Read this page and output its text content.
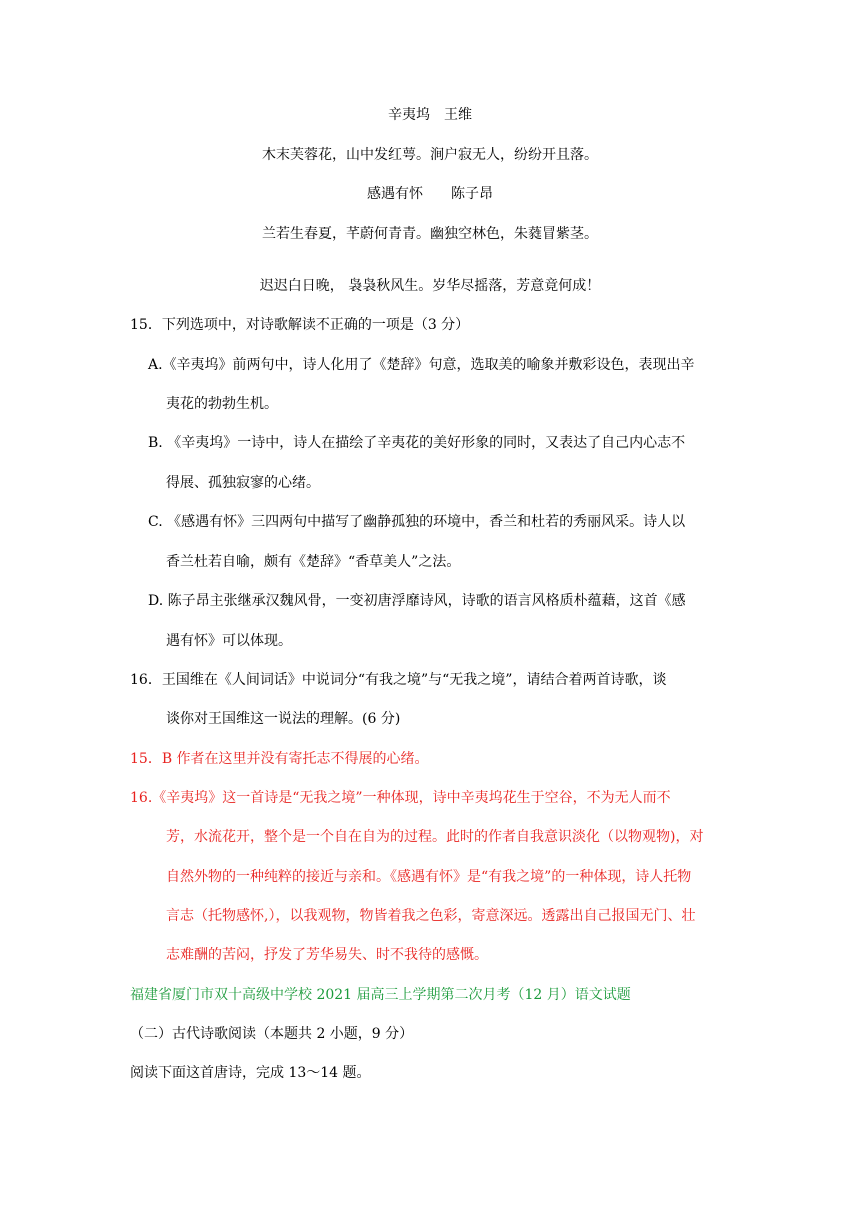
辛夷坞　王维
木末芙蓉花，山中发红萼。涧户寂无人，纷纷开且落。
感遇有怀　　陈子昂
兰若生春夏，芊蔚何青青。幽独空林色，朱蕤冒紫茎。
迟迟白日晚， 袅袅秋风生。岁华尽摇落，芳意竟何成！
15．下列选项中，对诗歌解读不正确的一项是（3 分）
A.《辛夷坞》前两句中，诗人化用了《楚辞》句意，选取美的喻象并敷彩设色，表现出辛
夷花的勃勃生机。
B. 《辛夷坞》一诗中，诗人在描绘了辛夷花的美好形象的同时，又表达了自己内心志不
得展、孤独寂寥的心绪。
C. 《感遇有怀》三四两句中描写了幽静孤独的环境中，香兰和杜若的秀丽风采。诗人以
香兰杜若自喻，颇有《楚辞》“香草美人”之法。
D. 陈子昂主张继承汉魏风骨，一变初唐浮靡诗风，诗歌的语言风格质朴蕴藉，这首《感
遇有怀》可以体现。
16．王国维在《人间词话》中说词分“有我之境”与“无我之境”，请结合着两首诗歌，谈
谈你对王国维这一说法的理解。(6 分)
15．B 作者在这里并没有寄托志不得展的心绪。
16.《辛夷坞》这一首诗是“无我之境”一种体现，诗中辛夷坞花生于空谷，不为无人而不
芳，水流花开，整个是一个自在自为的过程。此时的作者自我意识淡化（以物观物)，对
自然外物的一种纯粹的接近与亲和。《感遇有怀》是“有我之境”的一种体现，诗人托物
言志（托物感怀,），以我观物，物皆着我之色彩，寄意深远。透露出自己报国无门、壮
志难酬的苦闷，抒发了芳华易失、时不我待的感慨。
福建省厦门市双十高级中学校 2021 届高三上学期第二次月考（12 月）语文试题
（二）古代诗歌阅读（本题共 2 小题，9 分）
阅读下面这首唐诗，完成 13～14 题。
